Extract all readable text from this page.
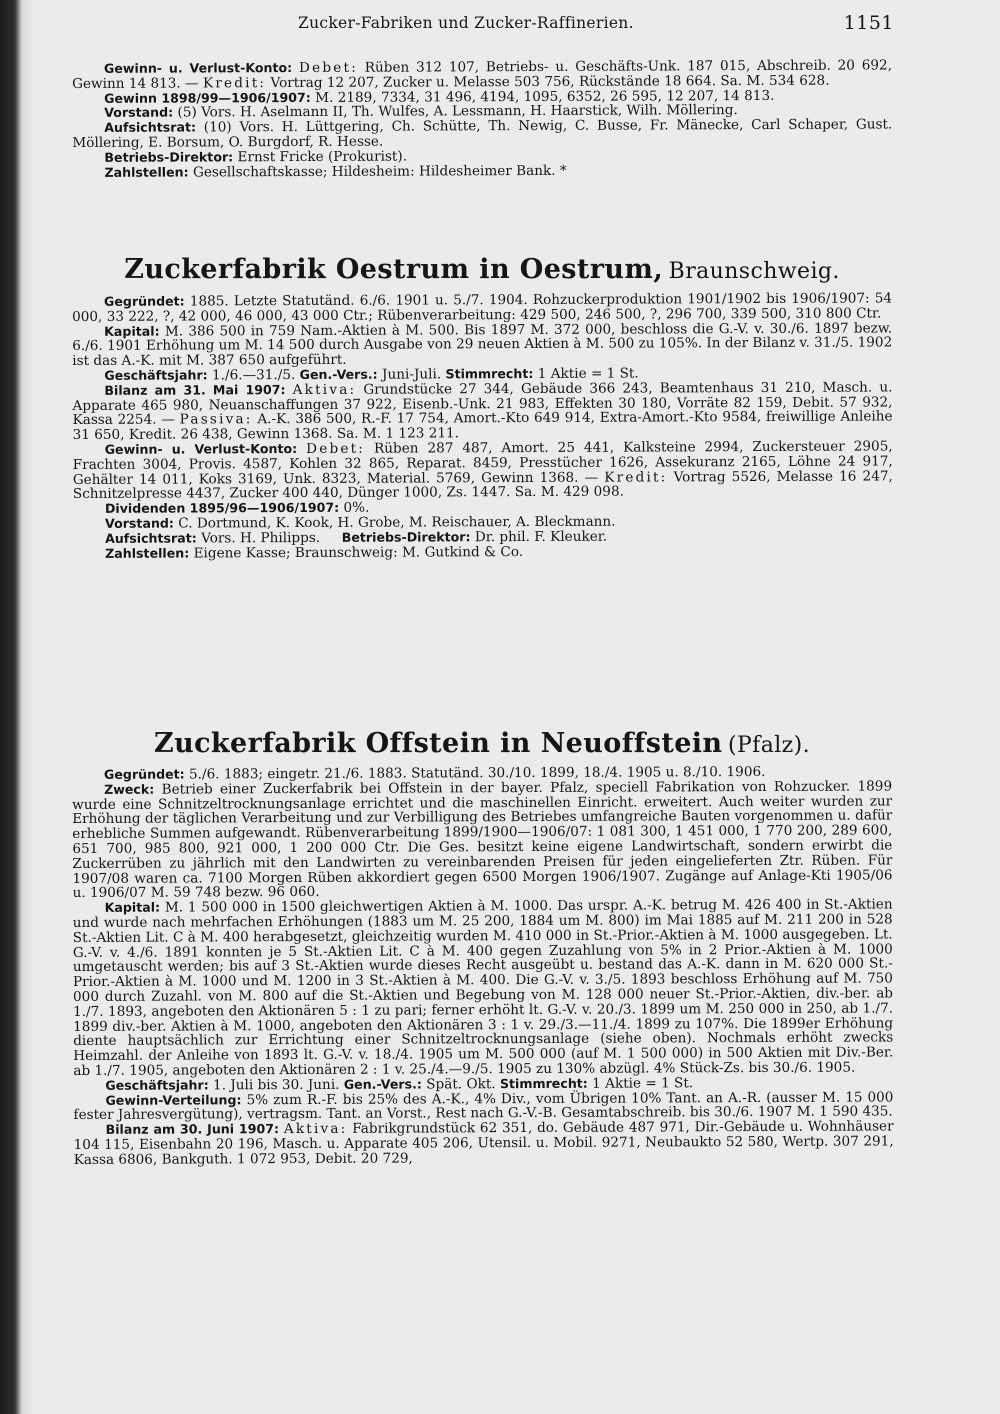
Zucker-Fabriken und Zucker-Raffinerien.	1151

Gewinn- u. Verlust-Konto: Debet: Rüben 312 107, Betriebs- u. Geschäfts-Unk. 187 015, Abschreib. 20 692, Gewinn 14 813. — Kredit: Vortrag 12 207, Zucker u. Melasse 503 756, Rückstände 18 664. Sa. M. 534 628.

Gewinn 1898/99—1906/1907: M. 2189, 7334, 31 496, 4194, 1095, 6352, 26 595, 12 207, 14 813.

Vorstand: (5) Vors. H. Aselmann II, Th. Wulfes, A. Lessmann, H. Haarstick, Wilh. Möllering.

Aufsichtsrat: (10) Vors. H. Lüttgering, Ch. Schütte, Th. Newig, C. Busse, Fr. Mänecke, Carl Schaper, Gust. Möllering, E. Borsum, O. Burgdorf, R. Hesse.

Betriebs-Direktor: Ernst Fricke (Prokurist).

Zahlstellen: Gesellschaftskasse; Hildesheim: Hildesheimer Bank. *

Zuckerfabrik Oestrum in Oestrum, Braunschweig.

Gegründet: 1885. Letzte Statutänd. 6./6. 1901 u. 5./7. 1904. Rohzuckerproduktion 1901/1902 bis 1906/1907: 54 000, 33 222, ?, 42 000, 46 000, 43 000 Ctr.; Rübenverarbeitung: 429 500, 246 500, ?, 296 700, 339 500, 310 800 Ctr.

Kapital: M. 386 500 in 759 Nam.-Aktien à M. 500. Bis 1897 M. 372 000, beschloss die G.-V. v. 30./6. 1897 bezw. 6./6. 1901 Erhöhung um M. 14 500 durch Ausgabe von 29 neuen Aktien à M. 500 zu 105%. In der Bilanz v. 31./5. 1902 ist das A.-K. mit M. 387 650 aufgeführt.

Geschäftsjahr: 1./6.—31./5. Gen.-Vers.: Juni-Juli. Stimmrecht: 1 Aktie = 1 St.

Bilanz am 31. Mai 1907: Aktiva: Grundstücke 27 344, Gebäude 366 243, Beamtenhaus 31 210, Masch. u. Apparate 465 980, Neuanschaffungen 37 922, Eisenb.-Unk. 21 983, Effekten 30 180, Vorräte 82 159, Debit. 57 932, Kassa 2254. — Passiva: A.-K. 386 500, R.-F. 17 754, Amort.-Kto 649 914, Extra-Amort.-Kto 9584, freiwillige Anleihe 31 650, Kredit. 26 438, Gewinn 1368. Sa. M. 1 123 211.

Gewinn- u. Verlust-Konto: Debet: Rüben 287 487, Amort. 25 441, Kalksteine 2994, Zuckersteuer 2905, Frachten 3004, Provis. 4587, Kohlen 32 865, Reparat. 8459, Presstücher 1626, Assekuranz 2165, Löhne 24 917, Gehälter 14 011, Koks 3169, Unk. 8323, Material. 5769, Gewinn 1368. — Kredit: Vortrag 5526, Melasse 16 247, Schnitzelpresse 4437, Zucker 400 440, Dünger 1000, Zs. 1447. Sa. M. 429 098.

Dividenden 1895/96—1906/1907: 0%.

Vorstand: C. Dortmund, K. Kook, H. Grobe, M. Reischauer, A. Bleckmann.

Aufsichtsrat: Vors. H. Philipps. Betriebs-Direktor: Dr. phil. F. Kleuker.

Zahlstellen: Eigene Kasse; Braunschweig: M. Gutkind & Co.

Zuckerfabrik Offstein in Neuoffstein (Pfalz).

Gegründet: 5./6. 1883; eingetr. 21./6. 1883. Statutänd. 30./10. 1899, 18./4. 1905 u. 8./10. 1906.

Zweck: Betrieb einer Zuckerfabrik bei Offstein in der bayer. Pfalz, speciell Fabrikation von Rohzucker. 1899 wurde eine Schnitzeltrocknungsanlage errichtet und die maschinellen Einricht. erweitert. Auch weiter wurden zur Erhöhung der täglichen Verarbeitung und zur Verbilligung des Betriebes umfangreiche Bauten vorgenommen u. dafür erhebliche Summen aufgewandt. Rübenverarbeitung 1899/1900—1906/07: 1 081 300, 1 451 000, 1 770 200, 289 600, 651 700, 985 800, 921 000, 1 200 000 Ctr. Die Ges. besitzt keine eigene Landwirtschaft, sondern erwirbt die Zuckerrüben zu jährlich mit den Landwirten zu vereinbarenden Preisen für jeden eingelieferten Ztr. Rüben. Für 1907/08 waren ca. 7100 Morgen Rüben akkordiert gegen 6500 Morgen 1906/1907. Zugänge auf Anlage-Kti 1905/06 u. 1906/07 M. 59 748 bezw. 96 060.

Kapital: M. 1 500 000 in 1500 gleichwertigen Aktien à M. 1000. Das urspr. A.-K. betrug M. 426 400 in St.-Aktien und wurde nach mehrfachen Erhöhungen (1883 um M. 25 200, 1884 um M. 800) im Mai 1885 auf M. 211 200 in 528 St.-Aktien Lit. C à M. 400 herabgesetzt, gleichzeitig wurden M. 410 000 in St.-Prior.-Aktien à M. 1000 ausgegeben. Lt. G.-V. v. 4./6. 1891 konnten je 5 St.-Aktien Lit. C à M. 400 gegen Zuzahlung von 5% in 2 Prior.-Aktien à M. 1000 umgetauscht werden; bis auf 3 St.-Aktien wurde dieses Recht ausgeübt u. bestand das A.-K. dann in M. 620 000 St.-Prior.-Aktien à M. 1000 und M. 1200 in 3 St.-Aktien à M. 400. Die G.-V. v. 3./5. 1893 beschloss Erhöhung auf M. 750 000 durch Zuzahl. von M. 800 auf die St.-Aktien und Begebung von M. 128 000 neuer St.-Prior.-Aktien, div.-ber. ab 1./7. 1893, angeboten den Aktionären 5 : 1 zu pari; ferner erhöht lt. G.-V. v. 20./3. 1899 um M. 250 000 in 250, ab 1./7. 1899 div.-ber. Aktien à M. 1000, angeboten den Aktionären 3 : 1 v. 29./3.—11./4. 1899 zu 107%. Die 1899er Erhöhung diente hauptsächlich zur Errichtung einer Schnitzeltrocknungsanlage (siehe oben). Nochmals erhöht zwecks Heimzahl. der Anleihe von 1893 lt. G.-V. v. 18./4. 1905 um M. 500 000 (auf M. 1 500 000) in 500 Aktien mit Div.-Ber. ab 1./7. 1905, angeboten den Aktionären 2 : 1 v. 25./4.—9./5. 1905 zu 130% abzügl. 4% Stück-Zs. bis 30./6. 1905.

Geschäftsjahr: 1. Juli bis 30. Juni. Gen.-Vers.: Spät. Okt. Stimmrecht: 1 Aktie = 1 St.

Gewinn-Verteilung: 5% zum R.-F. bis 25% des A.-K., 4% Div., vom Übrigen 10% Tant. an A.-R. (ausser M. 15 000 fester Jahresvergütung), vertragsm. Tant. an Vorst., Rest nach G.-V.-B. Gesamtabschreib. bis 30./6. 1907 M. 1 590 435.

Bilanz am 30. Juni 1907: Aktiva: Fabrikgrundstück 62 351, do. Gebäude 487 971, Dir.-Gebäude u. Wohnhäuser 104 115, Eisenbahn 20 196, Masch. u. Apparate 405 206, Utensil. u. Mobil. 9271, Neubaukto 52 580, Wertp. 307 291, Kassa 6806, Bankguth. 1 072 953, Debit. 20 729,
